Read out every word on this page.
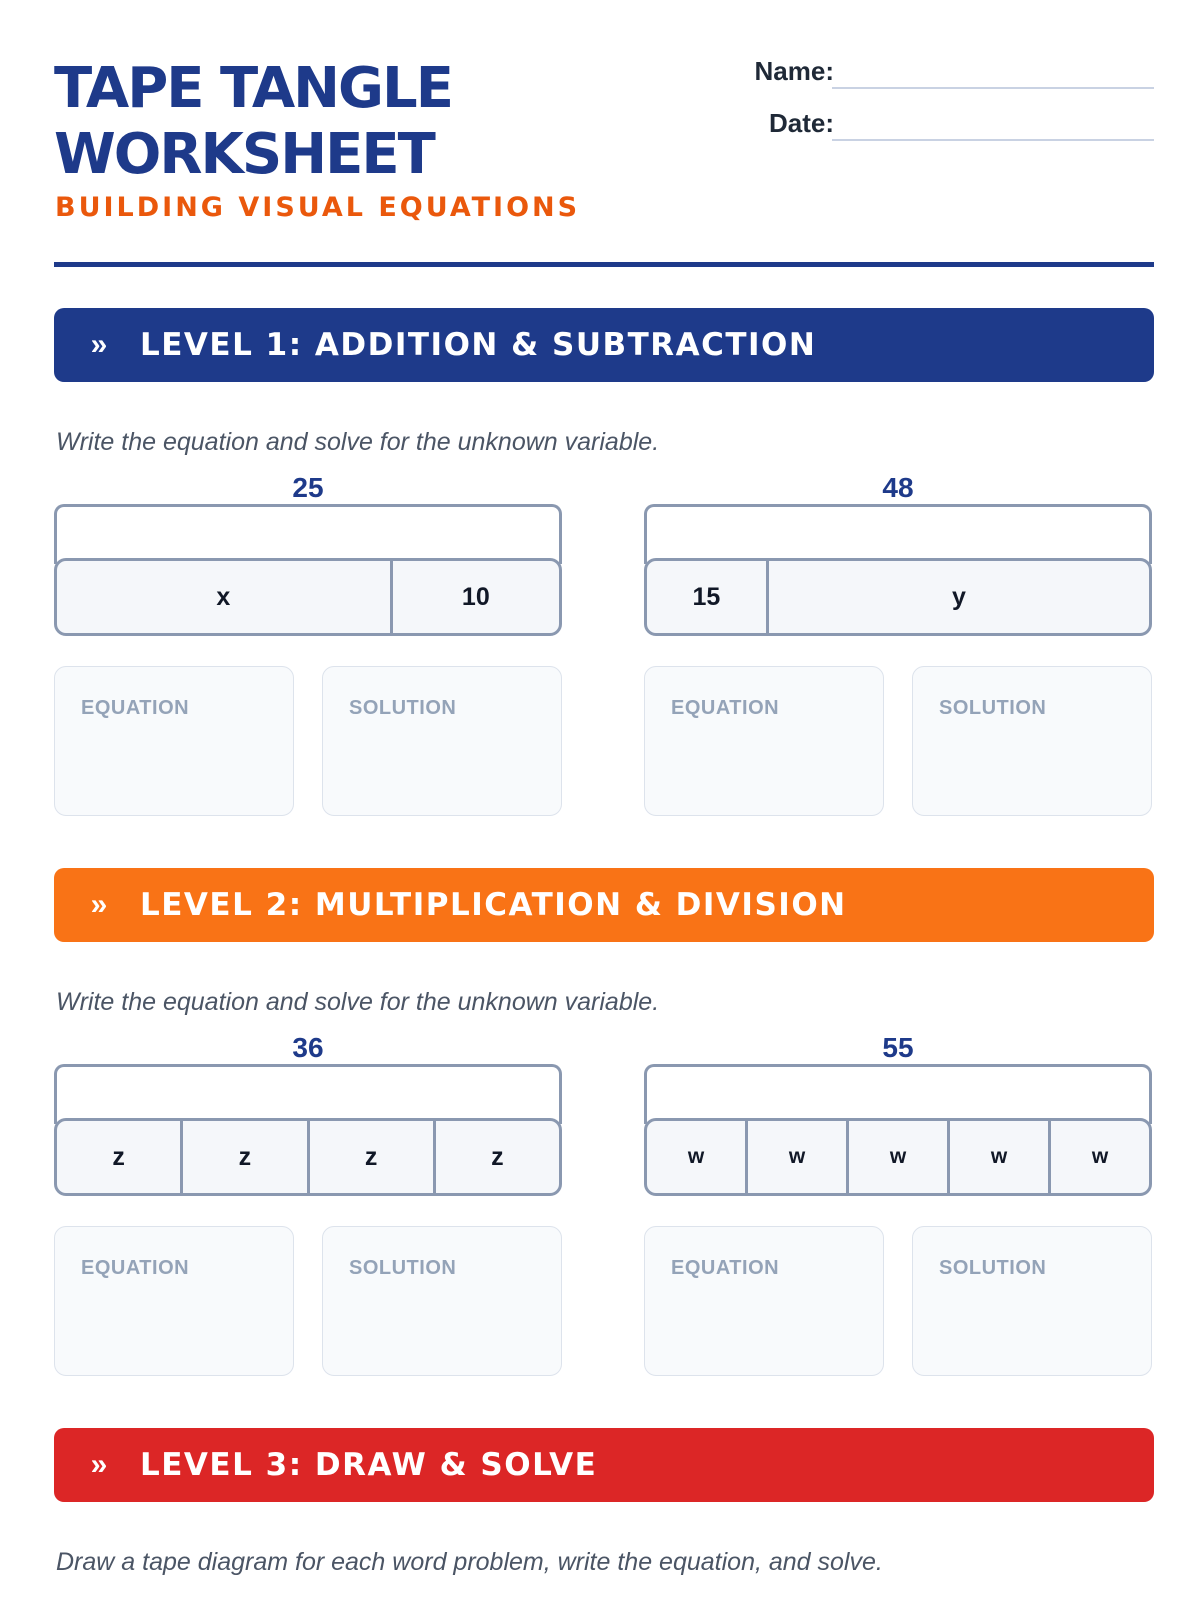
TAPE TANGLE
WORKSHEET
BUILDING VISUAL EQUATIONS
Name:
Date:
»	LEVEL 1: ADDITION & SUBTRACTION
Write the equation and solve for the unknown variable.
25
x	10
48
15	y
EQUATION	SOLUTION	EQUATION	SOLUTION
»	LEVEL 2: MULTIPLICATION & DIVISION
Write the equation and solve for the unknown variable.
36
z	z	z	z
55
w	w	w	w	w
EQUATION	SOLUTION	EQUATION	SOLUTION
»	LEVEL 3: DRAW & SOLVE
Draw a tape diagram for each word problem, write the equation, and solve.
